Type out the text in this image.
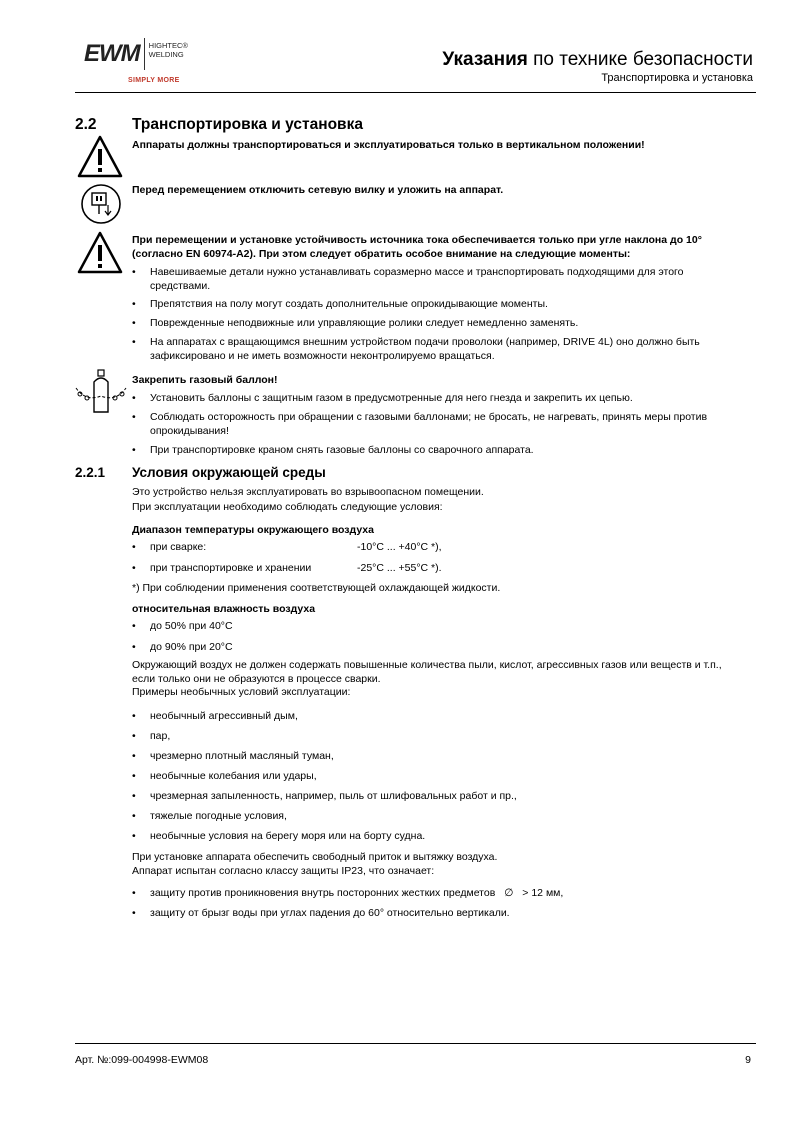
EWM	HIGHTEC®
WELDING
SIMPLY MORE
Указания по технике безопасности
Транспортировка и установка
2.2 Транспортировка и установка
Аппараты должны транспортироваться и эксплуатироваться только в вертикальном положении!
Перед перемещением отключить сетевую вилку и уложить на аппарат.
При перемещении и установке устойчивость источника тока обеспечивается только при угле наклона до 10°
(согласно EN 60974-A2). При этом следует обратить особое внимание на следующие моменты:
• Навешиваемые детали нужно устанавливать соразмерно массе и транспортировать подходящими для этого средствами.
• Препятствия на полу могут создать дополнительные опрокидывающие моменты.
• Поврежденные неподвижные или управляющие ролики следует немедленно заменять.
• На аппаратах с вращающимся внешним устройством подачи проволоки (например, DRIVE 4L) оно должно быть зафиксировано и не иметь возможности неконтролируемо вращаться.
Закрепить газовый баллон!
• Установить баллоны с защитным газом в предусмотренные для него гнезда и закрепить их цепью.
• Соблюдать осторожность при обращении с газовыми баллонами; не бросать, не нагревать, принять меры против опрокидывания!
• При транспортировке краном снять газовые баллоны со сварочного аппарата.
2.2.1 Условия окружающей среды
Это устройство нельзя эксплуатировать во взрывоопасном помещении.
При эксплуатации необходимо соблюдать следующие условия:
Диапазон температуры окружающего воздуха
• при сварке:	-10°C ... +40°C *),
• при транспортировке и хранении	-25°C ... +55°C *).
*) При соблюдении применения соответствующей охлаждающей жидкости.
относительная влажность воздуха
• до 50% при 40°C
• до 90% при 20°C
Окружающий воздух не должен содержать повышенные количества пыли, кислот, агрессивных газов или веществ и т.п.,
если только они не образуются в процессе сварки.
Примеры необычных условий эксплуатации:
• необычный агрессивный дым,
• пар,
• чрезмерно плотный масляный туман,
• необычные колебания или удары,
• чрезмерная запыленность, например, пыль от шлифовальных работ и пр.,
• тяжелые погодные условия,
• необычные условия на берегу моря или на борту судна.
При установке аппарата обеспечить свободный приток и вытяжку воздуха.
Аппарат испытан согласно классу защиты IP23, что означает:
• защиту против проникновения внутрь посторонних жестких предметов ∅ > 12 мм,
• защиту от брызг воды при углах падения до 60° относительно вертикали.
Арт. №:099-004998-EWM08	9
